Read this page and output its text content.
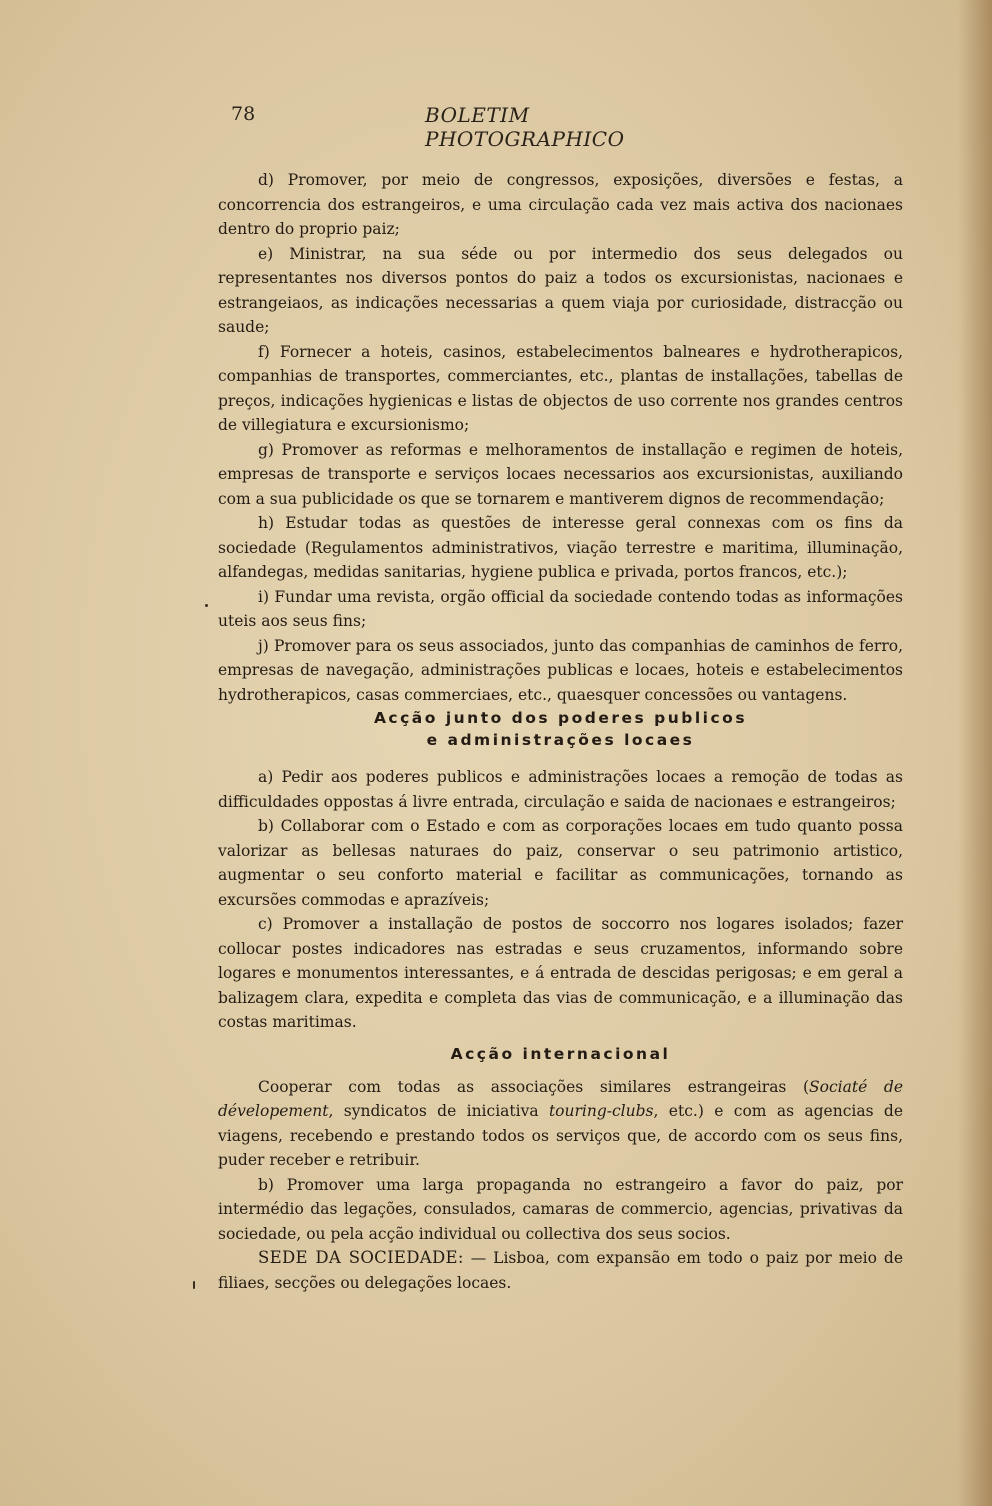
78	BOLETIM PHOTOGRAPHICO

d) Promover, por meio de congressos, exposições, diversões e festas, a concorrencia dos estrangeiros, e uma circulação cada vez mais activa dos nacionaes dentro do proprio paiz;

e) Ministrar, na sua séde ou por intermedio dos seus delegados ou representantes nos diversos pontos do paiz a todos os excursionistas, nacionaes e estrangeiaos, as indicações necessarias a quem viaja por curiosidade, distracção ou saude;

f) Fornecer a hoteis, casinos, estabelecimentos balneares e hydrotherapicos, companhias de transportes, commerciantes, etc., plantas de installações, tabellas de preços, indicações hygienicas e listas de objectos de uso corrente nos grandes centros de villegiatura e excursionismo;

g) Promover as reformas e melhoramentos de installação e regimen de hoteis, empresas de transporte e serviços locaes necessarios aos excursionistas, auxiliando com a sua publicidade os que se tornarem e mantiverem dignos de recommendação;

h) Estudar todas as questões de interesse geral connexas com os fins da sociedade (Regulamentos administrativos, viação terrestre e maritima, illuminação, alfandegas, medidas sanitarias, hygiene publica e privada, portos francos, etc.);

i) Fundar uma revista, orgão official da sociedade contendo todas as informações uteis aos seus fins;

j) Promover para os seus associados, junto das companhias de caminhos de ferro, empresas de navegação, administrações publicas e locaes, hoteis e estabelecimentos hydrotherapicos, casas commerciaes, etc., quaesquer concessões ou vantagens.

Acção junto dos poderes publicos
e administrações locaes

a) Pedir aos poderes publicos e administrações locaes a remoção de todas as difficuldades oppostas á livre entrada, circulação e saida de nacionaes e estrangeiros;

b) Collaborar com o Estado e com as corporações locaes em tudo quanto possa valorizar as bellesas naturaes do paiz, conservar o seu patrimonio artistico, augmentar o seu conforto material e facilitar as communicações, tornando as excursões commodas e aprazíveis;

c) Promover a installação de postos de soccorro nos logares isolados; fazer collocar postes indicadores nas estradas e seus cruzamentos, informando sobre logares e monumentos interessantes, e á entrada de descidas perigosas; e em geral a balizagem clara, expedita e completa das vias de communicação, e a illuminação das costas maritimas.

Acção internacional

Cooperar com todas as associações similares estrangeiras (Sociaté de dévelopement, syndicatos de iniciativa touring-clubs, etc.) e com as agencias de viagens, recebendo e prestando todos os serviços que, de accordo com os seus fins, puder receber e retribuir.

b) Promover uma larga propaganda no estrangeiro a favor do paiz, por intermédio das legações, consulados, camaras de commercio, agencias, privativas da sociedade, ou pela acção individual ou collectiva dos seus socios.

SEDE DA SOCIEDADE: — Lisboa, com expansão em todo o paiz por meio de filiaes, secções ou delegações locaes.
